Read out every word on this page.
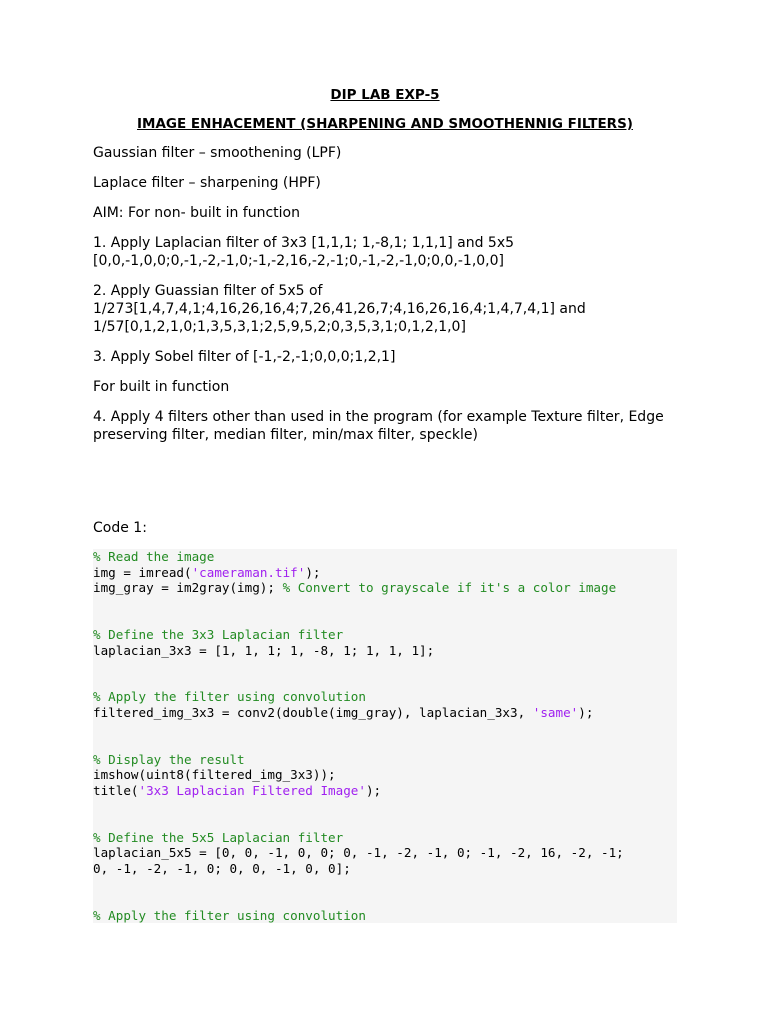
DIP LAB EXP-5
IMAGE ENHACEMENT (SHARPENING AND SMOOTHENNIG FILTERS)
Gaussian filter – smoothening (LPF)
Laplace filter – sharpening (HPF)
AIM: For non- built in function
1. Apply Laplacian filter of 3x3 [1,1,1; 1,-8,1; 1,1,1] and 5x5 [0,0,-1,0,0;0,-1,-2,-1,0;-1,-2,16,-2,-1;0,-1,-2,-1,0;0,0,-1,0,0]
2. Apply Guassian filter of 5x5 of 1/273[1,4,7,4,1;4,16,26,16,4;7,26,41,26,7;4,16,26,16,4;1,4,7,4,1] and 1/57[0,1,2,1,0;1,3,5,3,1;2,5,9,5,2;0,3,5,3,1;0,1,2,1,0]
3. Apply Sobel filter of [-1,-2,-1;0,0,0;1,2,1]
For built in function
4. Apply 4 filters other than used in the program (for example Texture filter, Edge preserving filter, median filter, min/max filter, speckle)
Code 1:
% Read the image
img = imread('cameraman.tif');
img_gray = im2gray(img); % Convert to grayscale if it's a color image
% Define the 3x3 Laplacian filter
laplacian_3x3 = [1, 1, 1; 1, -8, 1; 1, 1, 1];
% Apply the filter using convolution
filtered_img_3x3 = conv2(double(img_gray), laplacian_3x3, 'same');
% Display the result
imshow(uint8(filtered_img_3x3));
title('3x3 Laplacian Filtered Image');
% Define the 5x5 Laplacian filter
laplacian_5x5 = [0, 0, -1, 0, 0; 0, -1, -2, -1, 0; -1, -2, 16, -2, -1;
0, -1, -2, -1, 0; 0, 0, -1, 0, 0];
% Apply the filter using convolution
